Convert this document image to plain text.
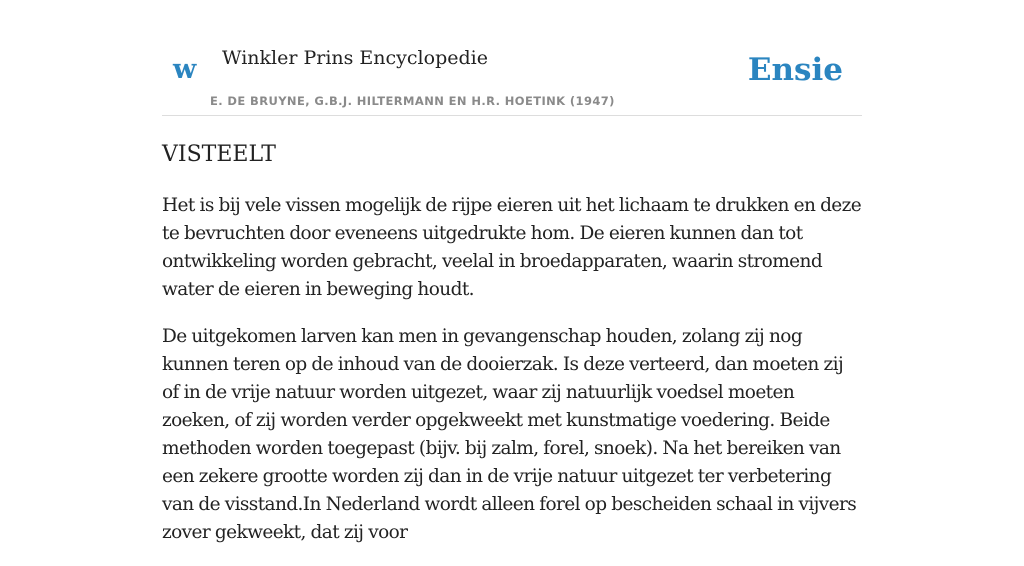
w Winkler Prins Encyclopedie
E. DE BRUYNE, G.B.J. HILTERMANN EN H.R. HOETINK (1947)
Ensie
VISTEELT

Het is bij vele vissen mogelijk de rijpe eieren uit het lichaam te drukken en deze te bevruchten door eveneens uitgedrukte hom. De eieren kunnen dan tot ontwikkeling worden gebracht, veelal in broedapparaten, waarin stromend water de eieren in beweging houdt.

De uitgekomen larven kan men in gevangenschap houden, zolang zij nog kunnen teren op de inhoud van de dooierzak. Is deze verteerd, dan moeten zij of in de vrije natuur worden uitgezet, waar zij natuurlijk voedsel moeten zoeken, of zij worden verder opgekweekt met kunstmatige voedering. Beide methoden worden toegepast (bijv. bij zalm, forel, snoek). Na het bereiken van een zekere grootte worden zij dan in de vrije natuur uitgezet ter verbetering van de visstand.In Nederland wordt alleen forel op bescheiden schaal in vijvers zover gekweekt, dat zij voor
